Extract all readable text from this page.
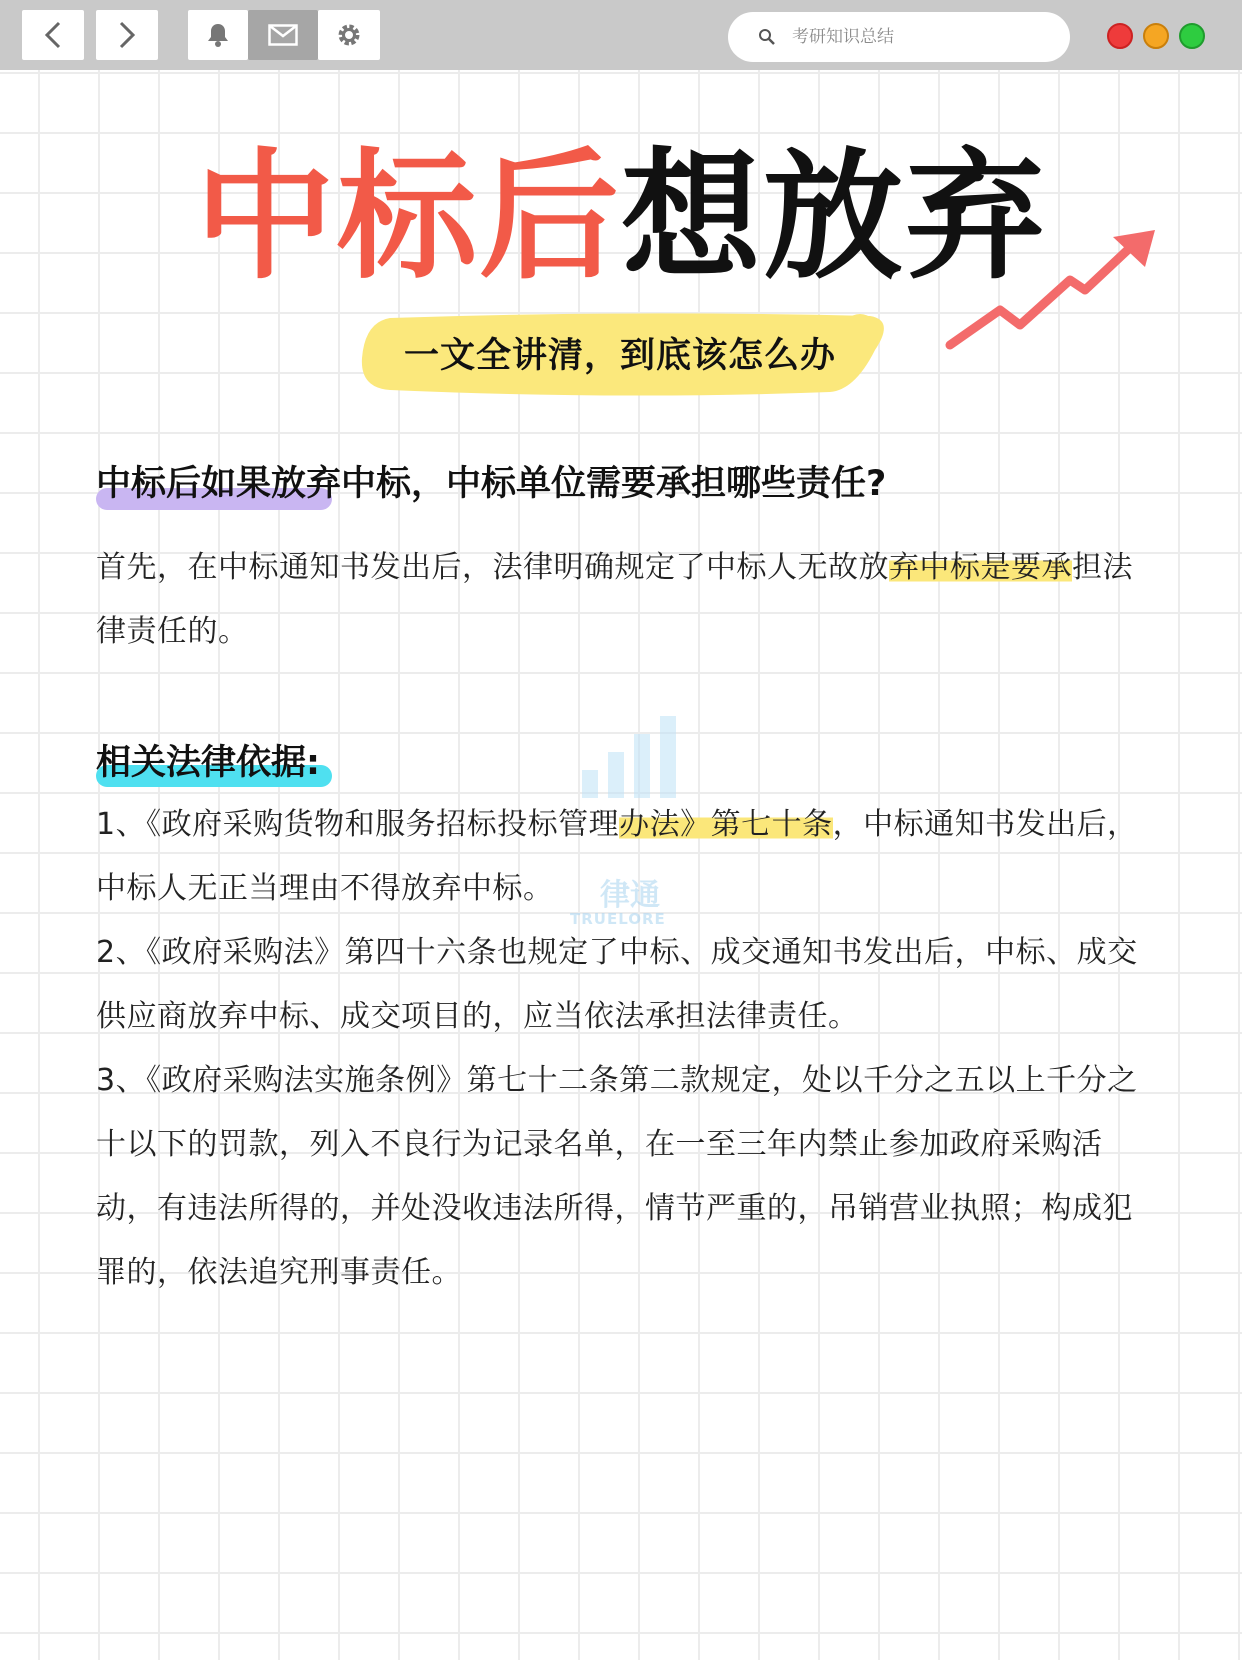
考研知识总结
中标后想放弃
一文全讲清，到底该怎么办
中标后如果放弃中标，中标单位需要承担哪些责任?
首先，在中标通知书发出后，法律明确规定了中标人无故放弃中标是要承担法律责任的。
律通
TRUELORE
相关法律依据:
1、《政府采购货物和服务招标投标管理办法》第七十条，中标通知书发出后，中标人无正当理由不得放弃中标。
2、《政府采购法》第四十六条也规定了中标、成交通知书发出后，中标、成交供应商放弃中标、成交项目的，应当依法承担法律责任。
3、《政府采购法实施条例》第七十二条第二款规定，处以千分之五以上千分之十以下的罚款，列入不良行为记录名单，在一至三年内禁止参加政府采购活动，有违法所得的，并处没收违法所得，情节严重的，吊销营业执照；构成犯罪的，依法追究刑事责任。
